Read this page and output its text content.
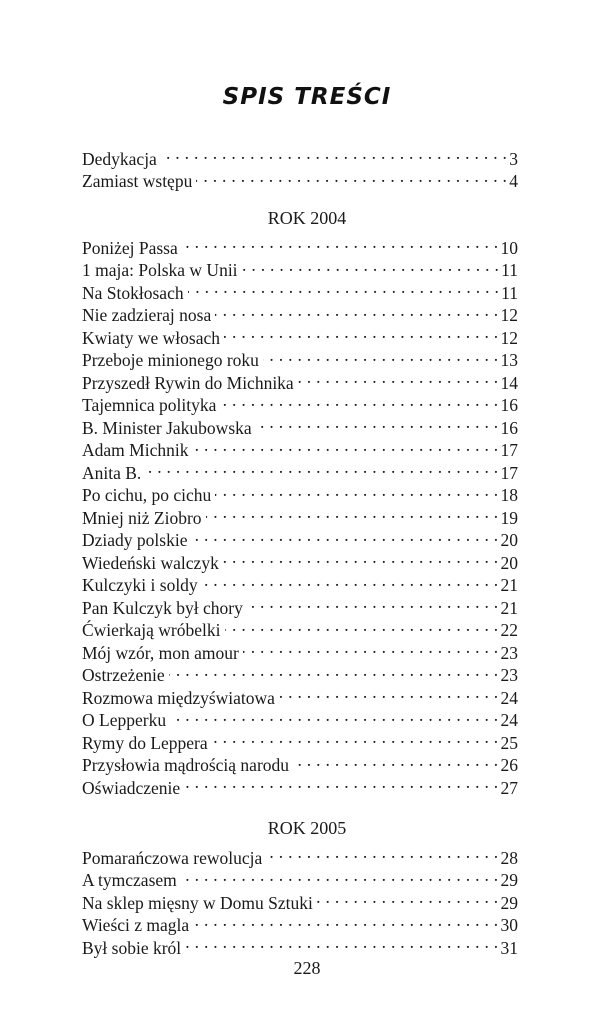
SPIS TREŚCI
Dedykacja . . .	3
Zamiast wstępu . . .	4
ROK 2004
Poniżej Passa . . .	10
1 maja: Polska w Unii . . .	11
Na Stokłosach . . .	11
Nie zadzieraj nosa . . .	12
Kwiaty we włosach . . .	12
Przeboje minionego roku . . .	13
Przyszedł Rywin do Michnika . . .	14
Tajemnica polityka . . .	16
B. Minister Jakubowska . . .	16
Adam Michnik . . .	17
Anita B. . . .	17
Po cichu, po cichu . . .	18
Mniej niż Ziobro . . .	19
Dziady polskie . . .	20
Wiedeński walczyk . . .	20
Kulczyki i soldy . . .	21
Pan Kulczyk był chory . . .	21
Ćwierkają wróbelki . . .	22
Mój wzór, mon amour . . .	23
Ostrzeżenie . . .	23
Rozmowa międzyświatowa . . .	24
O Lepperku . . .	24
Rymy do Leppera . . .	25
Przysłowia mądrością narodu . . .	26
Oświadczenie . . .	27
ROK 2005
Pomarańczowa rewolucja . . .	28
A tymczasem . . .	29
Na sklep mięsny w Domu Sztuki . . .	29
Wieści z magla . . .	30
Był sobie król . . .	31
228
